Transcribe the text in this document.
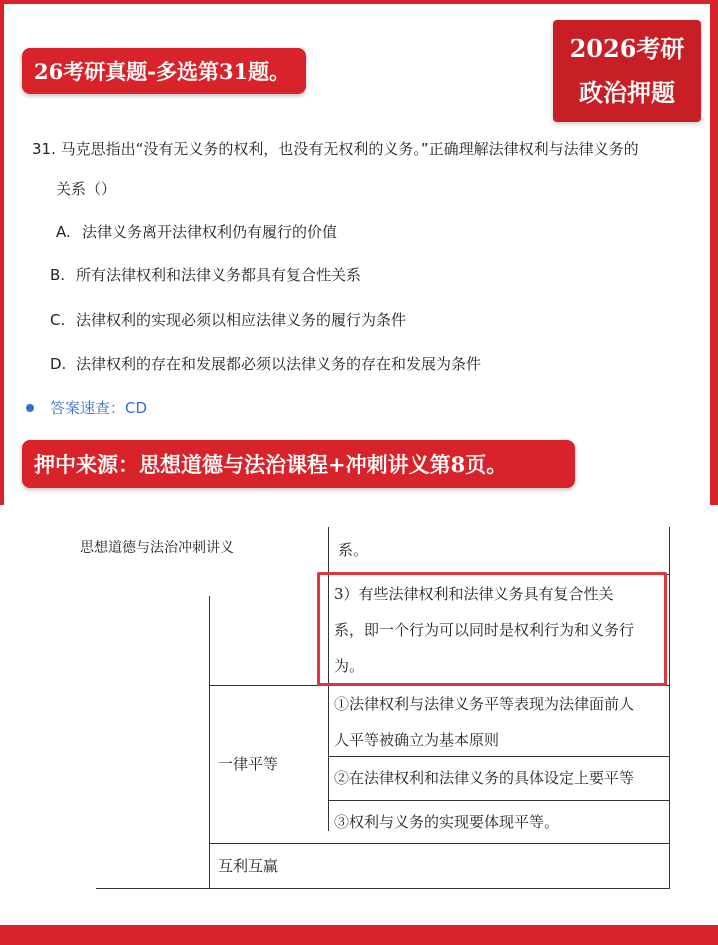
26考研真题-多选第31题。
2026考研
政治押题
31. 马克思指出“没有无义务的权利，也没有无权利的义务。”正确理解法律权利与法律义务的
关系（）
A. 法律义务离开法律权利仍有履行的价值
B. 所有法律权利和法律义务都具有复合性关系
C. 法律权利的实现必须以相应法律义务的履行为条件
D. 法律权利的存在和发展都必须以法律义务的存在和发展为条件
答案速查：CD
押中来源：思想道德与法治课程+冲刺讲义第8页。
思想道德与法治冲刺讲义	系。
3）有些法律权利和法律义务具有复合性关
系，即一个行为可以同时是权利行为和义务行
为。
①法律权利与法律义务平等表现为法律面前人
人平等被确立为基本原则
②在法律权利和法律义务的具体设定上要平等
③权利与义务的实现要体现平等。
一律平等
互利互赢
